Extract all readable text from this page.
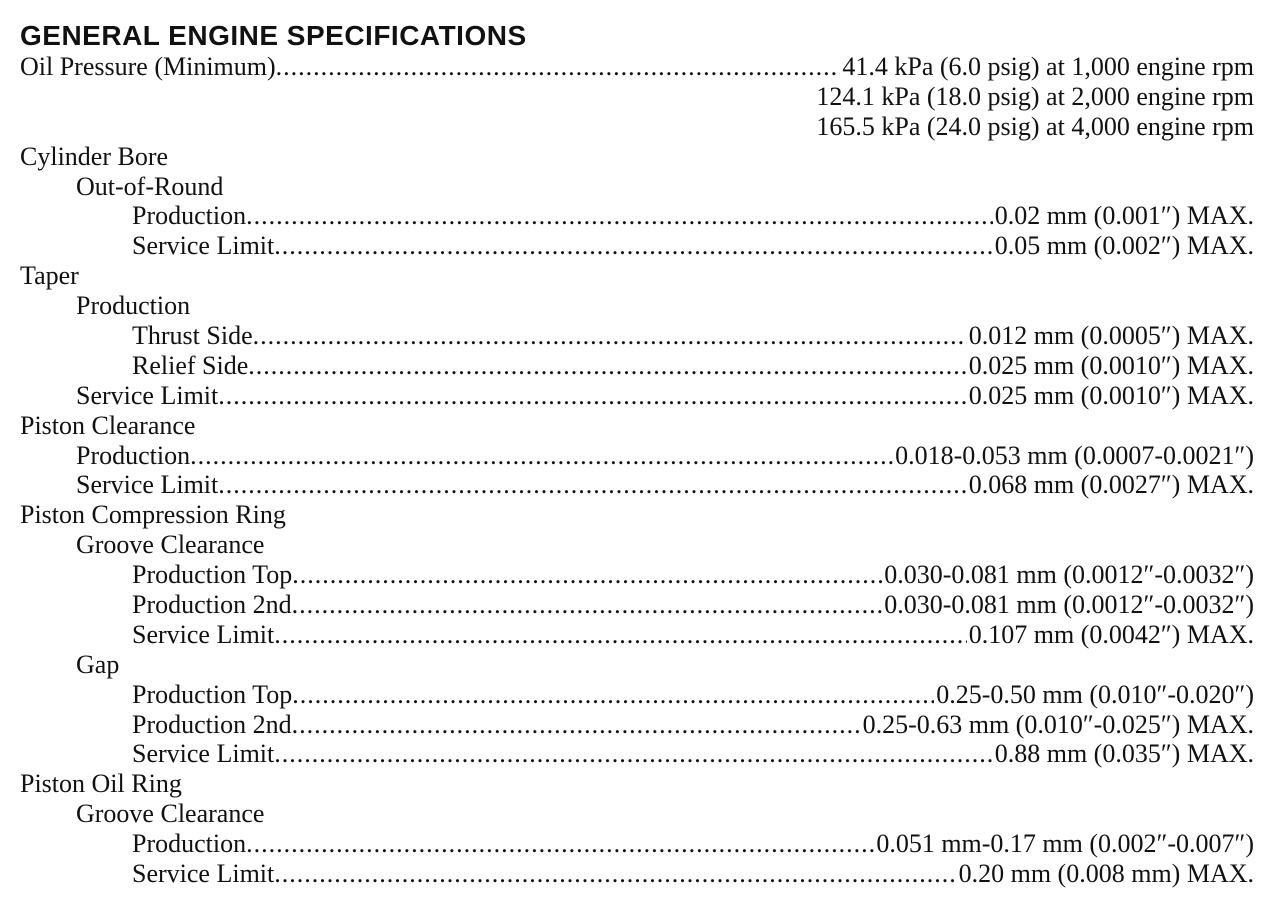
GENERAL ENGINE SPECIFICATIONS
Oil Pressure (Minimum) .....	41.4 kPa (6.0 psig) at 1,000 engine rpm
124.1 kPa (18.0 psig) at 2,000 engine rpm
165.5 kPa (24.0 psig) at 4,000 engine rpm
Cylinder Bore
Out-of-Round
Production .....	0.02 mm (0.001″) MAX.
Service Limit .....	0.05 mm (0.002″) MAX.
Taper
Production
Thrust Side .....	0.012 mm (0.0005″) MAX.
Relief Side .....	0.025 mm (0.0010″) MAX.
Service Limit .....	0.025 mm (0.0010″) MAX.
Piston Clearance
Production .....	0.018-0.053 mm (0.0007-0.0021″)
Service Limit .....	0.068 mm (0.0027″) MAX.
Piston Compression Ring
Groove Clearance
Production Top .....	0.030-0.081 mm (0.0012″-0.0032″)
Production 2nd .....	0.030-0.081 mm (0.0012″-0.0032″)
Service Limit .....	0.107 mm (0.0042″) MAX.
Gap
Production Top .....	0.25-0.50 mm (0.010″-0.020″)
Production 2nd .....	0.25-0.63 mm (0.010″-0.025″) MAX.
Service Limit .....	0.88 mm (0.035″) MAX.
Piston Oil Ring
Groove Clearance
Production .....	0.051 mm-0.17 mm (0.002″-0.007″)
Service Limit .....	0.20 mm (0.008 mm) MAX.
